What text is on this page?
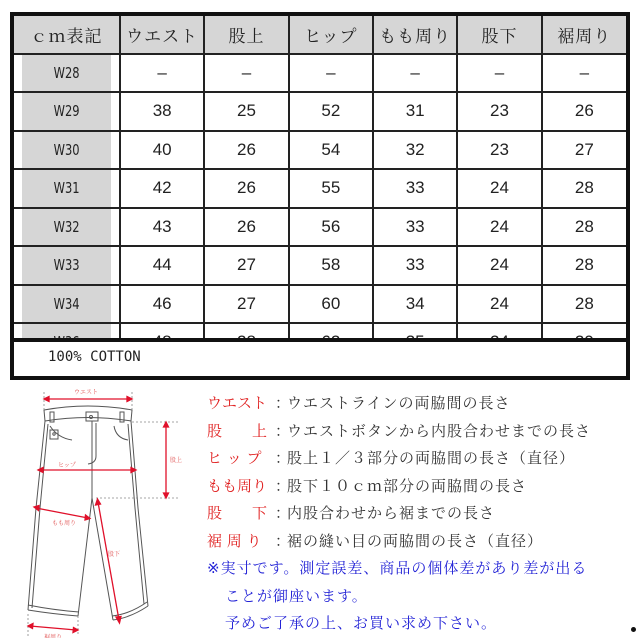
ｃｍ表記	ウエスト	股上	ヒップ	もも周り	股下	裾周り
W28	–	–	–	–	–	–
W29	38	25	52	31	23	26
W30	40	26	54	32	23	27
W31	42	26	55	33	24	28
W32	43	26	56	33	24	28
W33	44	27	58	33	24	28
W34	46	27	60	34	24	28

100% COTTON
ウエスト
股上
ヒップ
もも周り
股下
裾周り
ウエスト ：ウエストラインの両脇間の長さ
股　　上 ：ウエストボタンから内股合わせまでの長さ
ヒ ッ プ ：股上１／３部分の両脇間の長さ（直径）
もも周り ：股下１０ｃｍ部分の両脇間の長さ
股　　下 ：内股合わせから裾までの長さ
裾 周 り ：裾の縫い目の両脇間の長さ（直径）
※実寸です。測定誤差、商品の個体差があり差が出る
ことが御座います。
予めご了承の上、お買い求め下さい。
